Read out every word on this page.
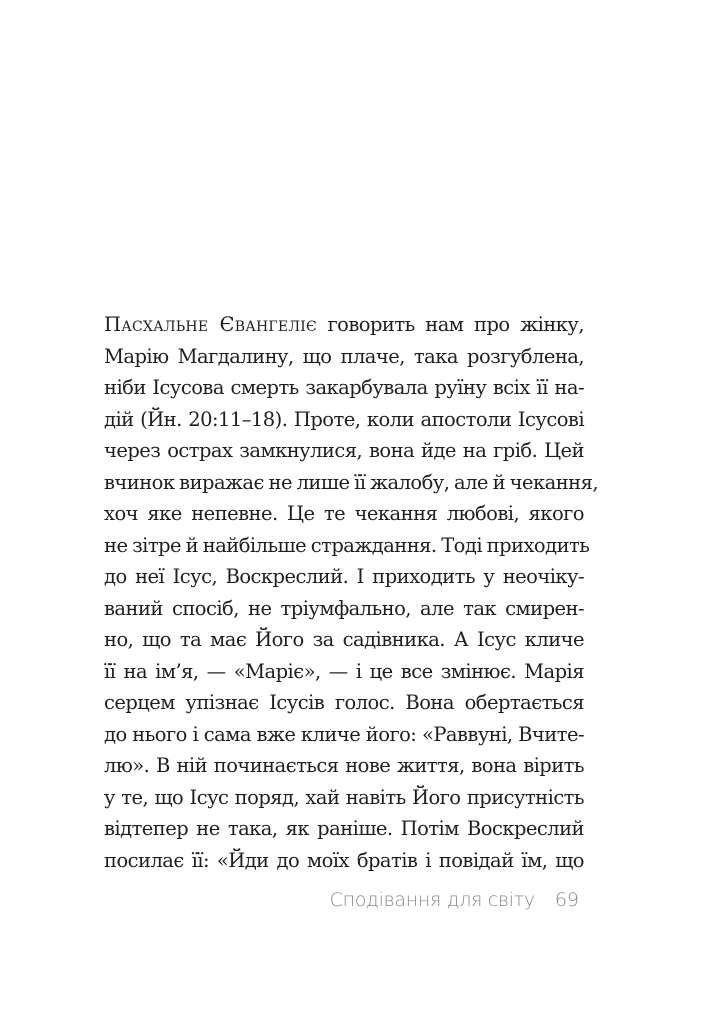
Пасхальне Євангеліє говорить нам про жінку,
Марію Магдалину, що плаче, така розгублена,
ніби Ісусова смерть закарбувала руїну всіх її на-
дій (Йн. 20:11–18). Проте, коли апостоли Ісусові
через острах замкнулися, вона йде на гріб. Цей
вчинок виражає не лише її жалобу, але й чекання,
хоч яке непевне. Це те чекання любові, якого
не зітре й найбільше страждання. Тоді приходить
до неї Ісус, Воскреслий. І приходить у неочіку-
ваний спосіб, не тріумфально, але так смирен-
но, що та має Його за садівника. А Ісус кличе
її на ім’я, — «Маріє», — і це все змінює. Марія
серцем упізнає Ісусів голос. Вона обертається
до нього і сама вже кличе його: «Раввуні, Вчите-
лю». В ній починається нове життя, вона вірить
у те, що Ісус поряд, хай навіть Його присутність
відтепер не така, як раніше. Потім Воскреслий
посилає її: «Йди до моїх братів і повідай їм, що
Сподівання для світу 69
